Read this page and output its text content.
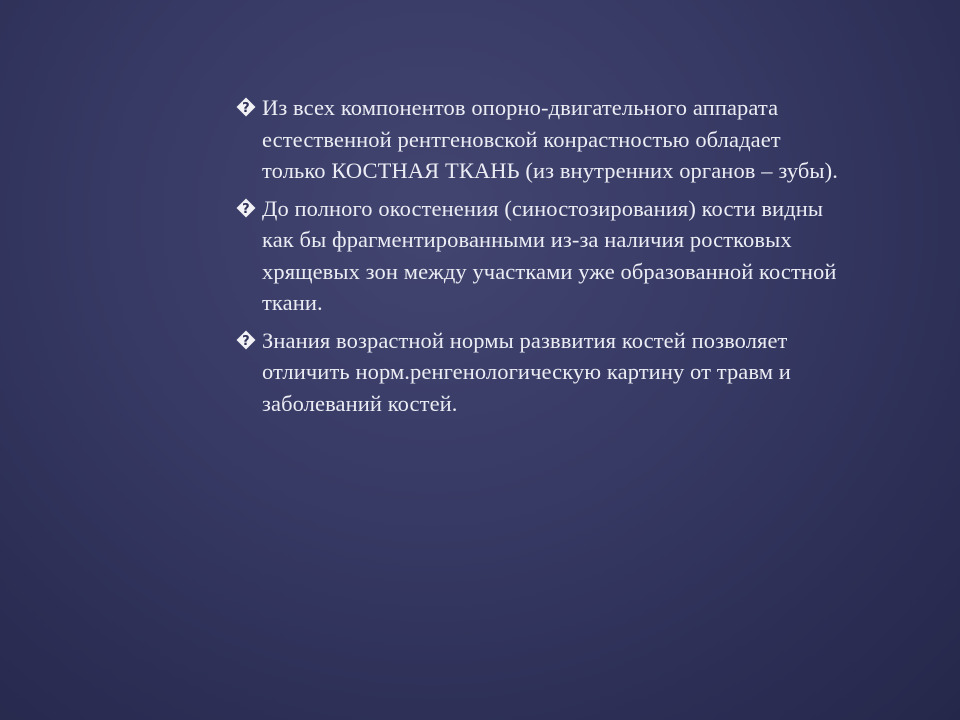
? Из всех компонентов опорно-двигательного аппарата естественной рентгеновской конрастностью обладает только КОСТНАЯ ТКАНЬ (из внутренних органов – зубы).
? До полного окостенения (синостозирования) кости видны как бы фрагментированными из-за наличия ростковых хрящевых зон между участками уже образованной костной ткани.
? Знания возрастной нормы разввития костей позволяет отличить норм.ренгенологическую картину от травм и заболеваний костей.
